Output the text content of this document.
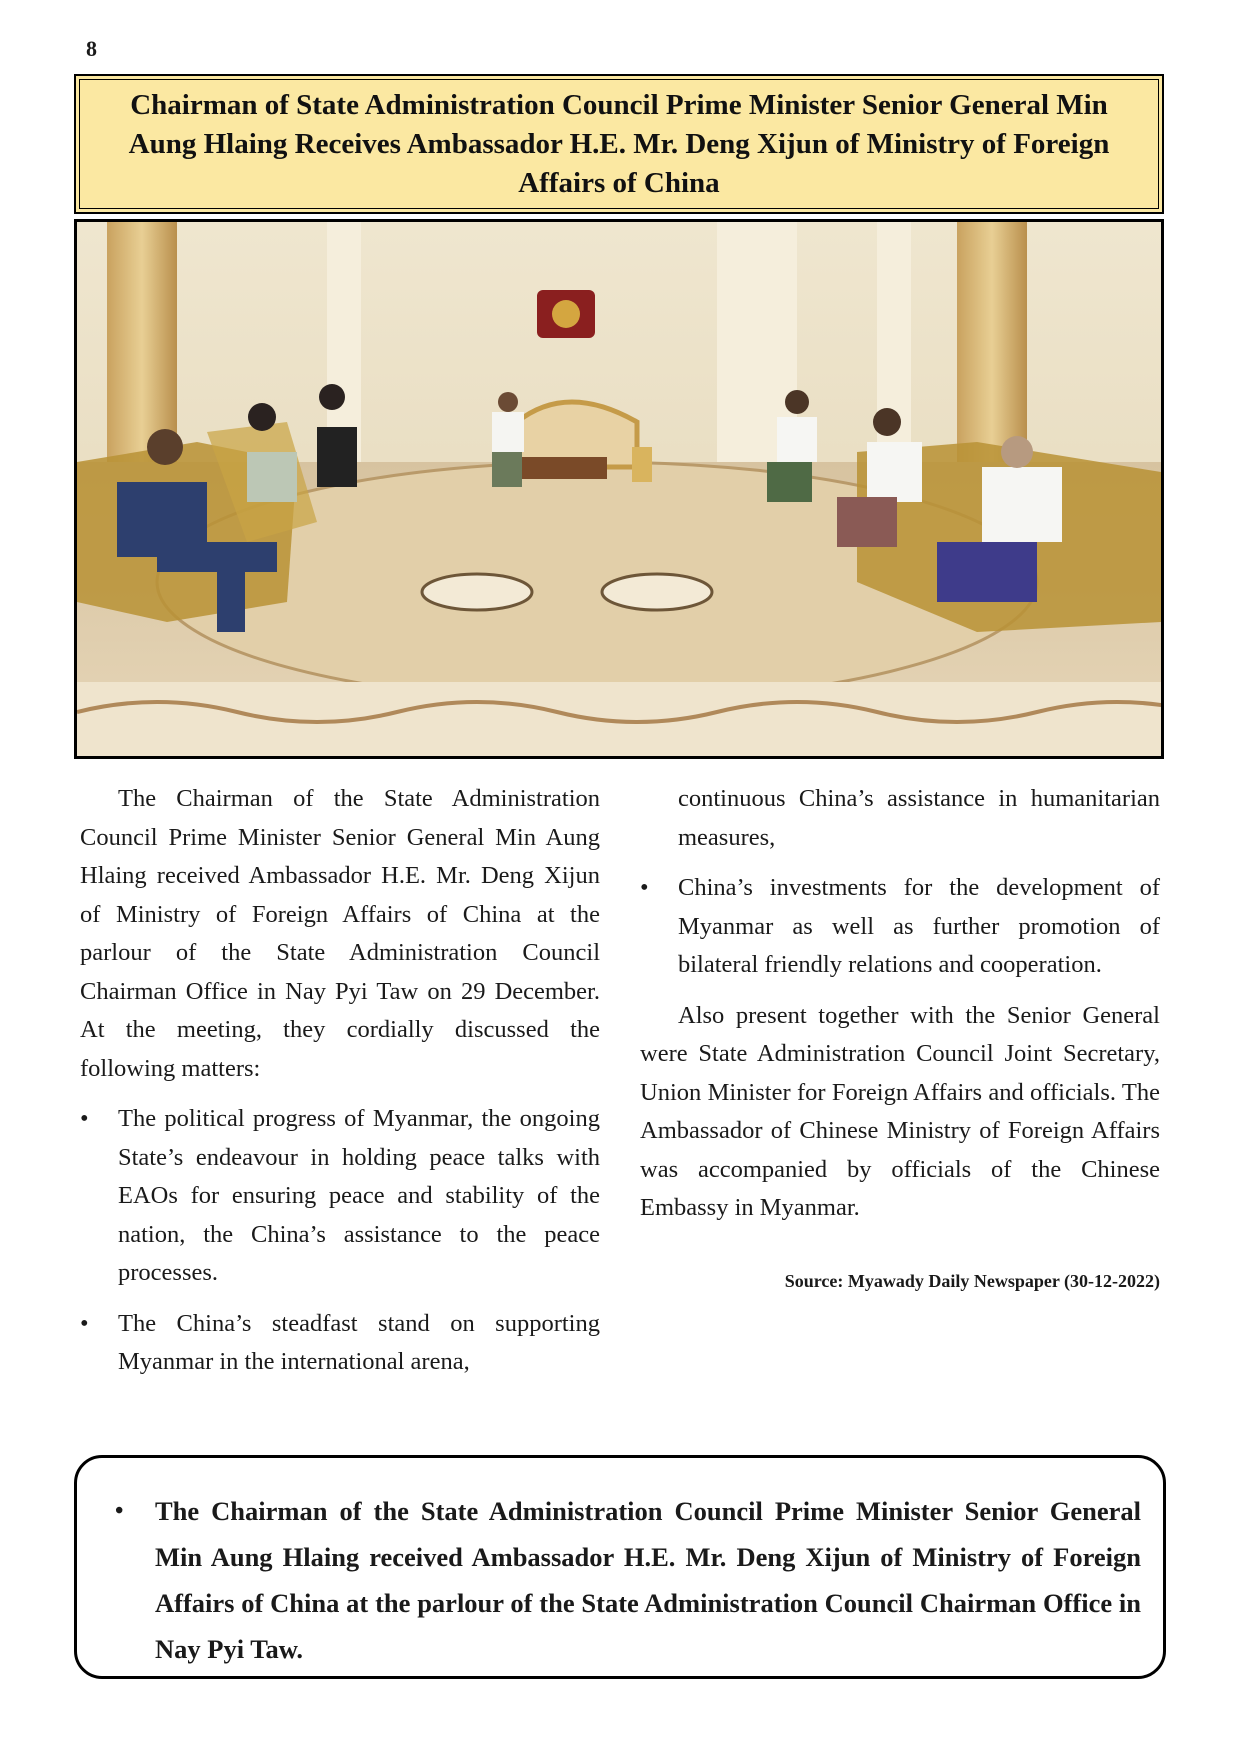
8
Chairman of State Administration Council Prime Minister Senior General Min Aung Hlaing Receives Ambassador H.E. Mr. Deng Xijun of Ministry of Foreign Affairs of China

The Chairman of the State Administration Council Prime Minister Senior General Min Aung Hlaing received Ambassador H.E. Mr. Deng Xijun of Ministry of Foreign Affairs of China at the parlour of the State Administration Council Chairman Office in Nay Pyi Taw on 29 December. At the meeting, they cordially discussed the following matters:

• The political progress of Myanmar, the ongoing State’s endeavour in holding peace talks with EAOs for ensuring peace and stability of the nation, the China’s assistance to the peace processes.

• The China’s steadfast stand on supporting Myanmar in the international arena,

continuous China’s assistance in humanitarian measures,

• China’s investments for the development of Myanmar as well as further promotion of bilateral friendly relations and cooperation.

Also present together with the Senior General were State Administration Council Joint Secretary, Union Minister for Foreign Affairs and officials. The Ambassador of Chinese Ministry of Foreign Affairs was accompanied by officials of the Chinese Embassy in Myanmar.

Source: Myawady Daily Newspaper (30-12-2022)
• The Chairman of the State Administration Council Prime Minister Senior General Min Aung Hlaing received Ambassador H.E. Mr. Deng Xijun of Ministry of Foreign Affairs of China at the parlour of the State Administration Council Chairman Office in Nay Pyi Taw.
